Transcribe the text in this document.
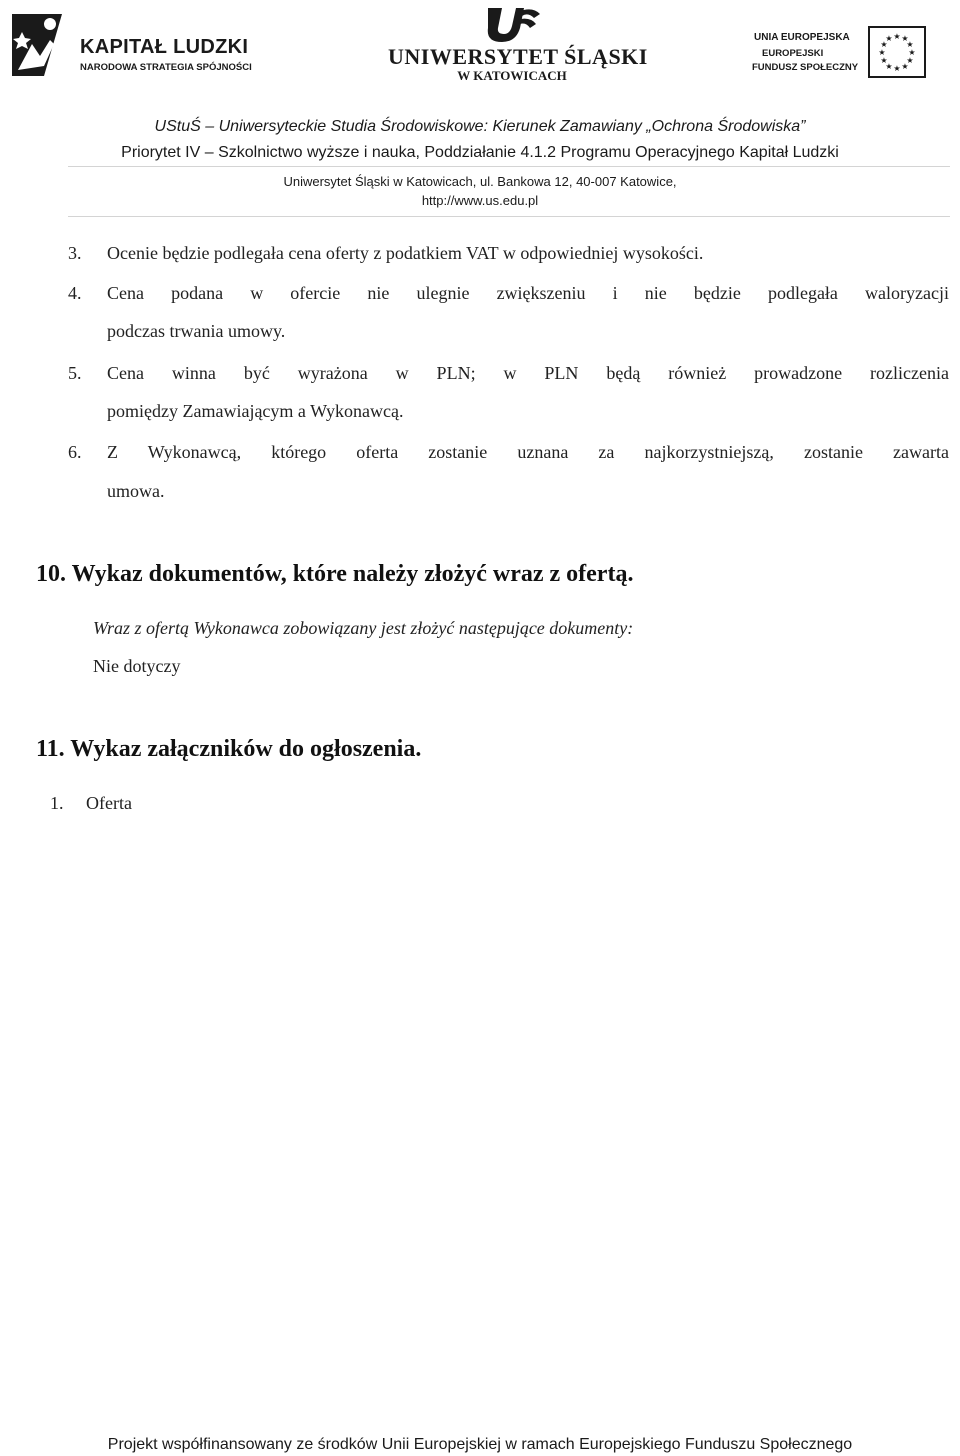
KAPITAŁ LUDZKI
NARODOWA STRATEGIA SPÓJNOŚCI	UNIWERSYTET ŚLĄSKI
W KATOWICACH
UNIA EUROPEJSKA
EUROPEJSKI
FUNDUSZ SPOŁECZNY
★ ★
★
★
★
★
★
★
★
★
★
★
UStuŚ – Uniwersyteckie Studia Środowiskowe: Kierunek Zamawiany „Ochrona Środowiska”
Priorytet IV – Szkolnictwo wyższe i nauka, Poddziałanie 4.1.2 Programu Operacyjnego Kapitał Ludzki
Uniwersytet Śląski w Katowicach, ul. Bankowa 12, 40-007 Katowice,
http://www.us.edu.pl
3.	Ocenie będzie podlegała cena oferty z podatkiem VAT w odpowiedniej wysokości.
4.	Cena podana w ofercie nie ulegnie zwiększeniu i nie będzie podlegała waloryzacji
podczas trwania umowy.
5.	Cena winna być wyrażona w PLN; w PLN będą również prowadzone rozliczenia
pomiędzy Zamawiającym a Wykonawcą.
6.	Z Wykonawcą, którego oferta zostanie uznana za najkorzystniejszą, zostanie zawarta
umowa.
10. Wykaz dokumentów, które należy złożyć wraz z ofertą.
Wraz z ofertą Wykonawca zobowiązany jest złożyć następujące dokumenty:
Nie dotyczy
11. Wykaz załączników do ogłoszenia.
1.	Oferta
Projekt współfinansowany ze środków Unii Europejskiej w ramach Europejskiego Funduszu Społecznego
